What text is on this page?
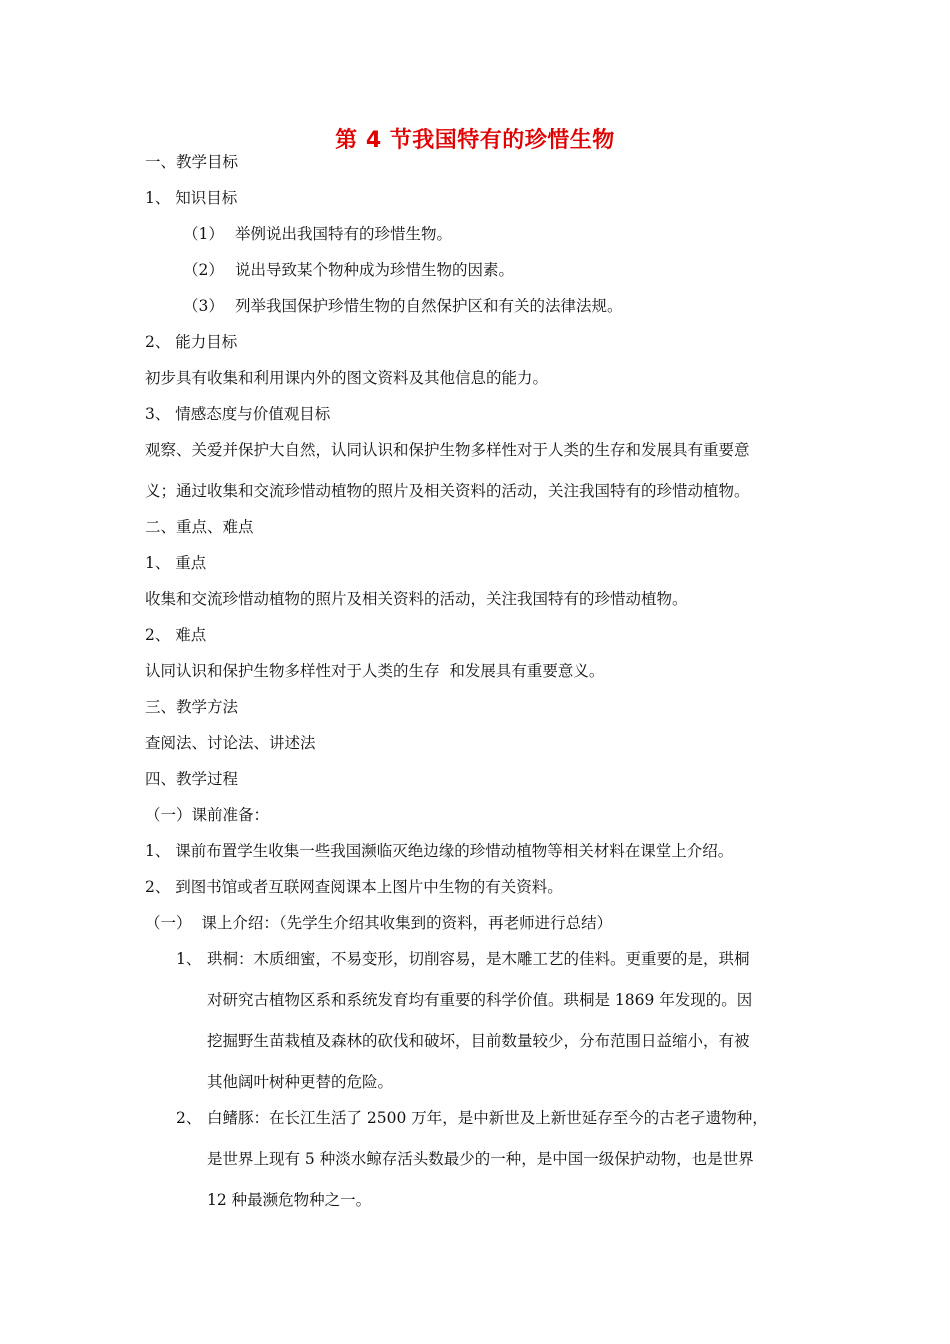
第 4 节我国特有的珍惜生物
一、教学目标
1、 知识目标
（1） 举例说出我国特有的珍惜生物。
（2） 说出导致某个物种成为珍惜生物的因素。
（3） 列举我国保护珍惜生物的自然保护区和有关的法律法规。
2、 能力目标
初步具有收集和利用课内外的图文资料及其他信息的能力。
3、 情感态度与价值观目标
观察、关爱并保护大自然，认同认识和保护生物多样性对于人类的生存和发展具有重要意
义；通过收集和交流珍惜动植物的照片及相关资料的活动，关注我国特有的珍惜动植物。
二、重点、难点
1、 重点
收集和交流珍惜动植物的照片及相关资料的活动，关注我国特有的珍惜动植物。
2、 难点
认同认识和保护生物多样性对于人类的生存  和发展具有重要意义。
三、教学方法
查阅法、讨论法、讲述法
四、教学过程
（一）课前准备：
1、 课前布置学生收集一些我国濒临灭绝边缘的珍惜动植物等相关材料在课堂上介绍。
2、 到图书馆或者互联网查阅课本上图片中生物的有关资料。
（一）  课上介绍：（先学生介绍其收集到的资料，再老师进行总结）
1、 珙桐：木质细蜜，不易变形，切削容易，是木雕工艺的佳料。更重要的是，珙桐
对研究古植物区系和系统发育均有重要的科学价值。珙桐是 1869 年发现的。因
挖掘野生苗栽植及森林的砍伐和破坏，目前数量较少，分布范围日益缩小，有被
其他阔叶树种更替的危险。
2、 白鳍豚：在长江生活了 2500 万年，是中新世及上新世延存至今的古老孑遗物种，
是世界上现有 5 种淡水鲸存活头数最少的一种，是中国一级保护动物，也是世界
12 种最濒危物种之一。
